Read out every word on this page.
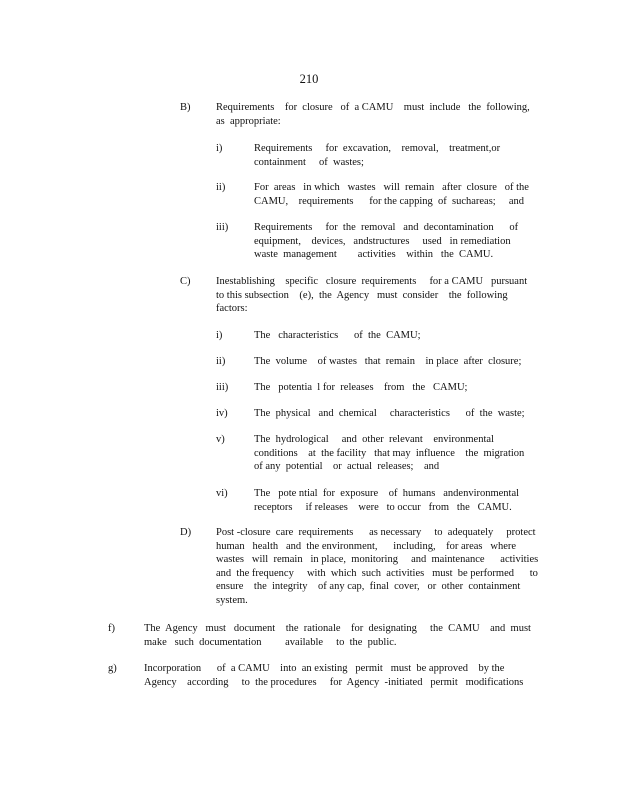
210
B) Requirements    for  closure   of  a CAMU    must  include   the  following,
as  appropriate:
i)	Requirements     for  excavation,    removal,    treatment,or
containment     of  wastes;
ii)	For  areas   in which   wastes   will  remain   after  closure   of the
CAMU,    requirements      for the capping  of  suchareas;     and
iii) Requirements     for  the  removal   and  decontamination      of
equipment,    devices,   andstructures     used   in remediation
waste  management        activities    within   the  CAMU.
C) Inestablishing    specific   closure  requirements     for a CAMU   pursuant
to this subsection    (e),  the  Agency   must  consider    the  following
factors:
i)	The   characteristics      of  the  CAMU;
ii)	The  volume    of wastes   that  remain    in place  after  closure;
iii) The   potentia  l for  releases    from   the   CAMU;
iv)	The  physical   and  chemical     characteristics      of  the  waste;
v)	The  hydrological     and  other  relevant    environmental
conditions    at  the facility   that may  influence    the  migration
of any  potential    or  actual  releases;    and
vi)	The   pote ntial  for  exposure    of  humans   andenvironmental
receptors     if releases    were   to occur   from   the   CAMU.
D) Post -closure  care  requirements      as necessary     to  adequately     protect
human   health   and  the environment,      including,    for areas   where
wastes   will  remain   in place,  monitoring     and  maintenance      activities
and  the frequency     with  which  such  activities   must  be performed      to
ensure    the  integrity    of any cap,  final  cover,   or  other  containment
system.
f)	The  Agency   must   document    the  rationale    for  designating     the  CAMU    and  must
make   such  documentation         available     to  the  public.
g)	Incorporation      of  a CAMU    into  an existing   permit   must  be approved    by the
Agency    according     to  the procedures     for  Agency  -initiated   permit   modifications
